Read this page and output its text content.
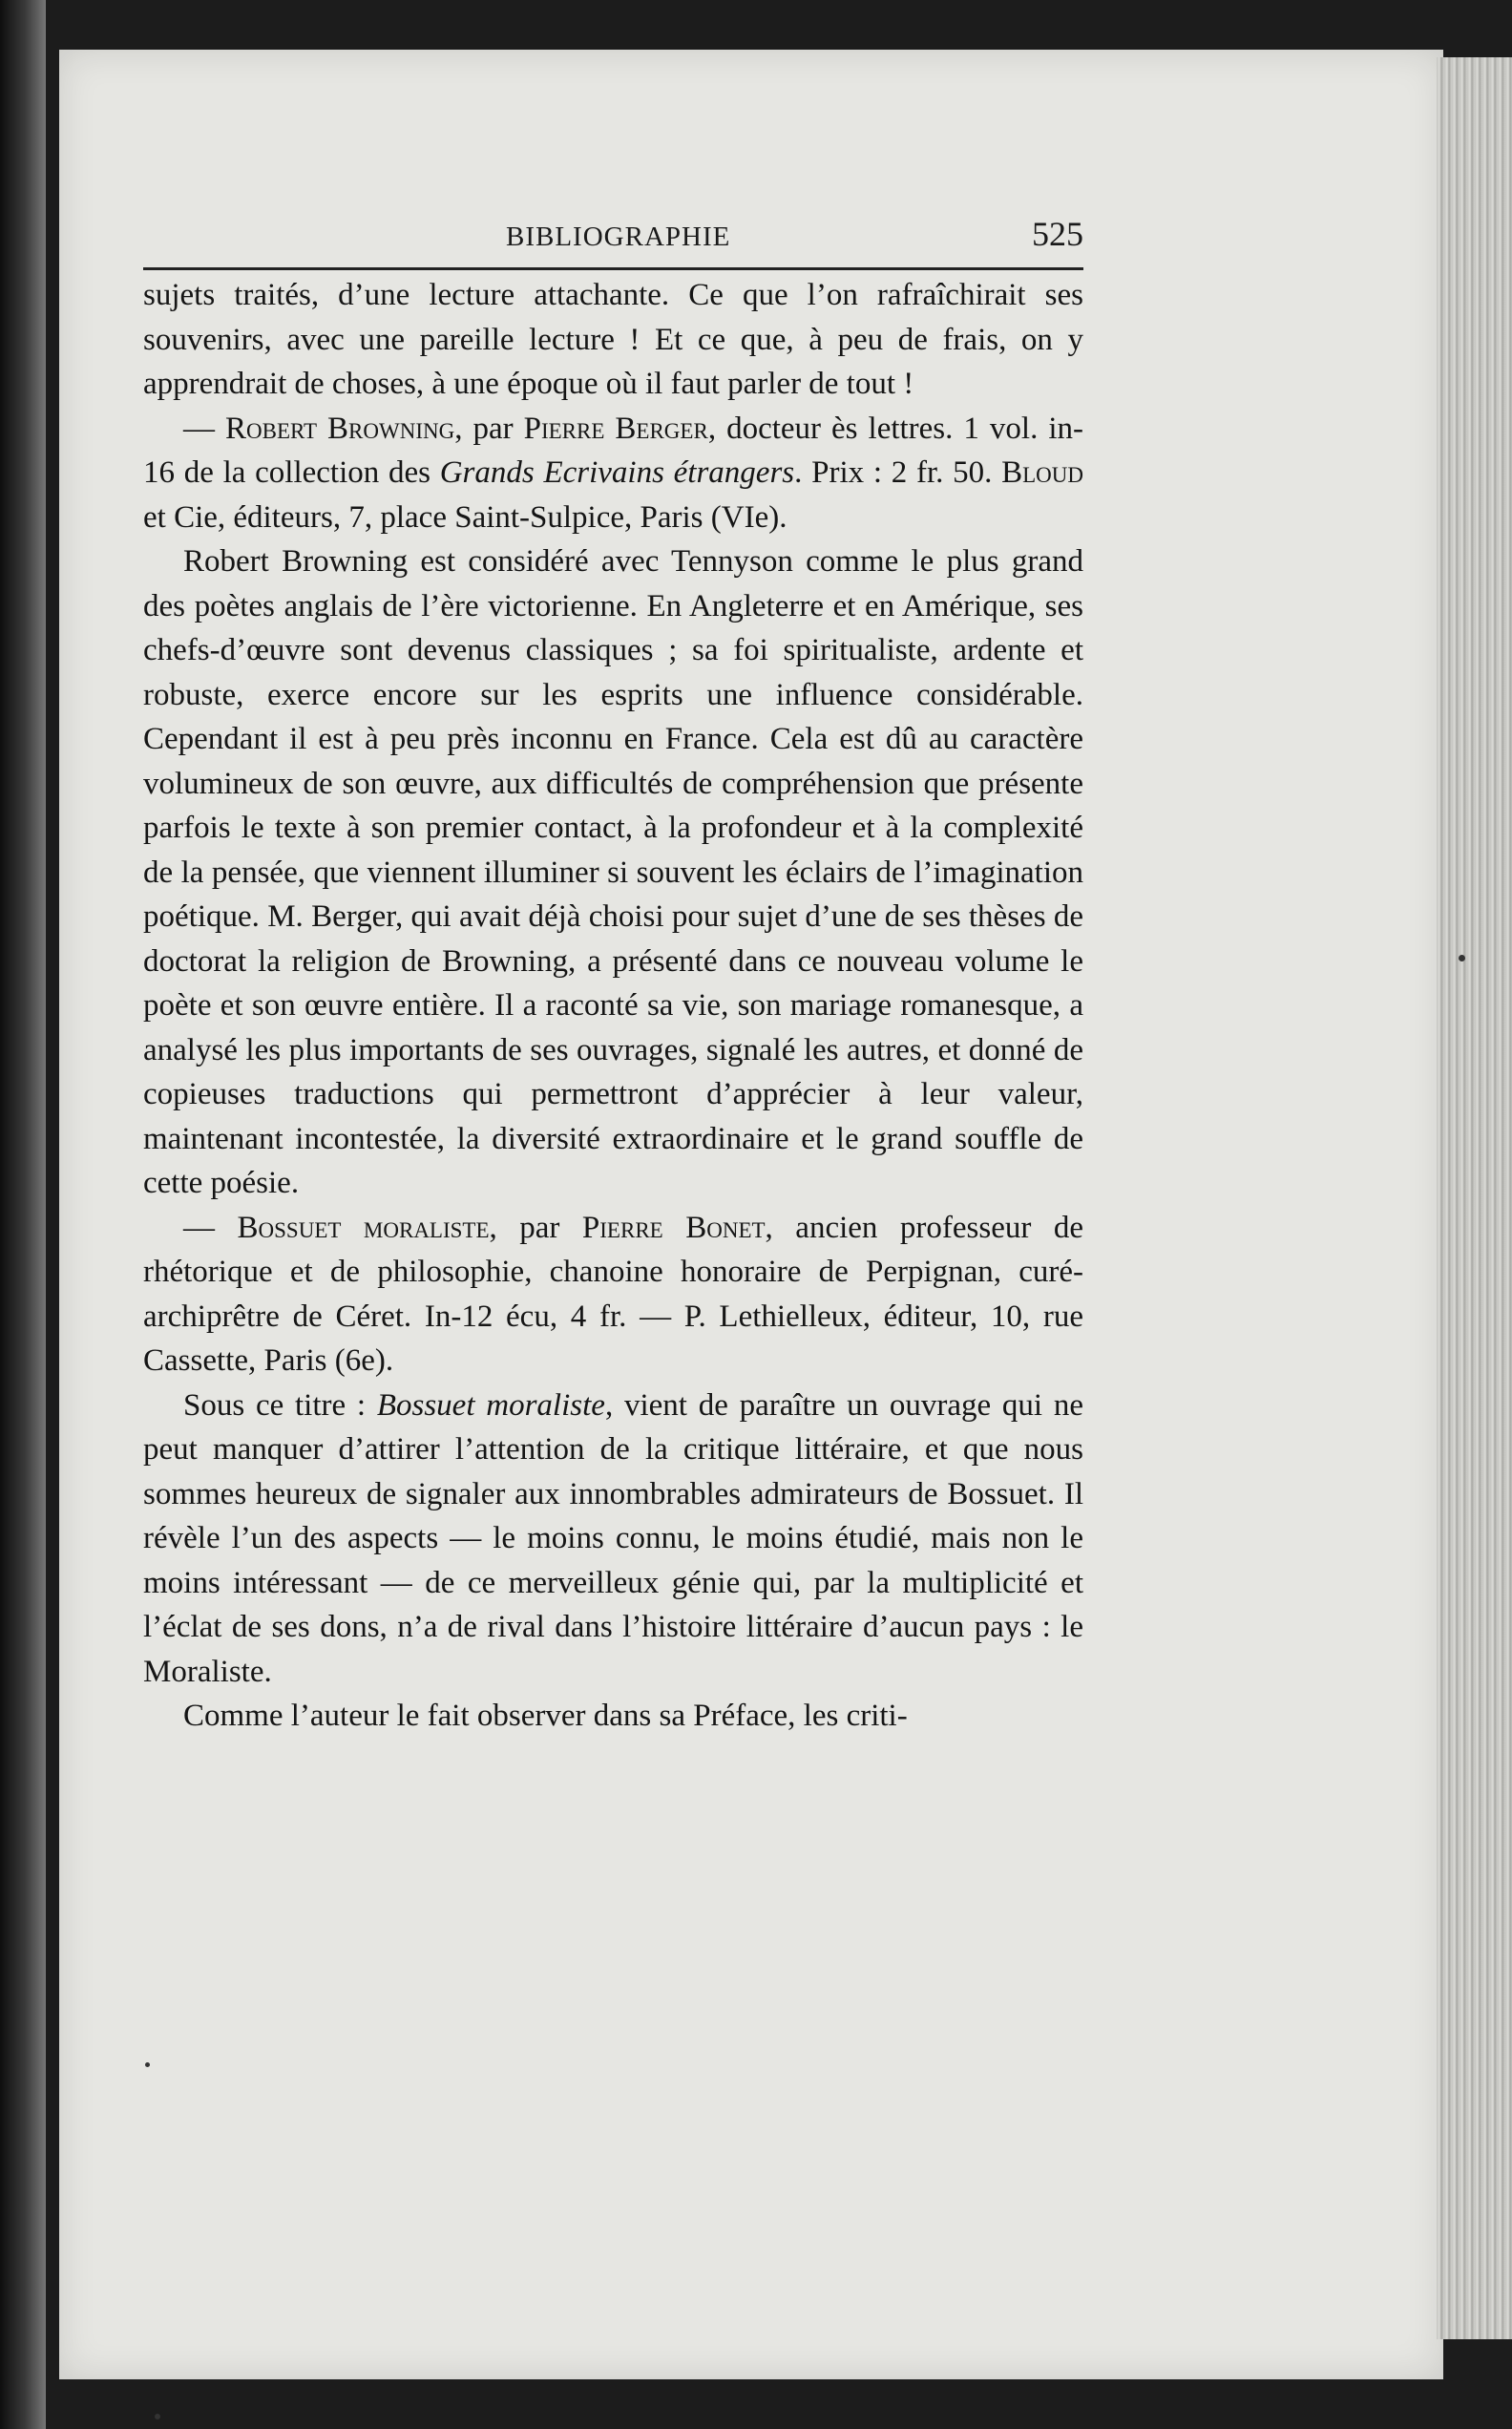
BIBLIOGRAPHIE	525

sujets traités, d’une lecture attachante. Ce que l’on rafraîchirait ses souvenirs, avec une pareille lecture ! Et ce que, à peu de frais, on y apprendrait de choses, à une époque où il faut parler de tout !

— Robert Browning, par Pierre Berger, docteur ès lettres. 1 vol. in-16 de la collection des Grands Ecrivains étrangers. Prix : 2 fr. 50. Bloud et Cie, éditeurs, 7, place Saint-Sulpice, Paris (VIe).

Robert Browning est considéré avec Tennyson comme le plus grand des poètes anglais de l’ère victorienne. En Angleterre et en Amérique, ses chefs-d’œuvre sont devenus classiques ; sa foi spiritualiste, ardente et robuste, exerce encore sur les esprits une influence considérable. Cependant il est à peu près inconnu en France. Cela est dû au caractère volumineux de son œuvre, aux difficultés de compréhension que présente parfois le texte à son premier contact, à la profondeur et à la complexité de la pensée, que viennent illuminer si souvent les éclairs de l’imagination poétique. M. Berger, qui avait déjà choisi pour sujet d’une de ses thèses de doctorat la religion de Browning, a présenté dans ce nouveau volume le poète et son œuvre entière. Il a raconté sa vie, son mariage romanesque, a analysé les plus importants de ses ouvrages, signalé les autres, et donné de copieuses traductions qui permettront d’apprécier à leur valeur, maintenant incontestée, la diversité extraordinaire et le grand souffle de cette poésie.

— Bossuet moraliste, par Pierre Bonet, ancien professeur de rhétorique et de philosophie, chanoine honoraire de Perpignan, curé-archiprêtre de Céret. In-12 écu, 4 fr. — P. Lethielleux, éditeur, 10, rue Cassette, Paris (6e).

Sous ce titre : Bossuet moraliste, vient de paraître un ouvrage qui ne peut manquer d’attirer l’attention de la critique littéraire, et que nous sommes heureux de signaler aux innombrables admirateurs de Bossuet. Il révèle l’un des aspects — le moins connu, le moins étudié, mais non le moins intéressant — de ce merveilleux génie qui, par la multiplicité et l’éclat de ses dons, n’a de rival dans l’histoire littéraire d’aucun pays : le Moraliste.

Comme l’auteur le fait observer dans sa Préface, les criti-
